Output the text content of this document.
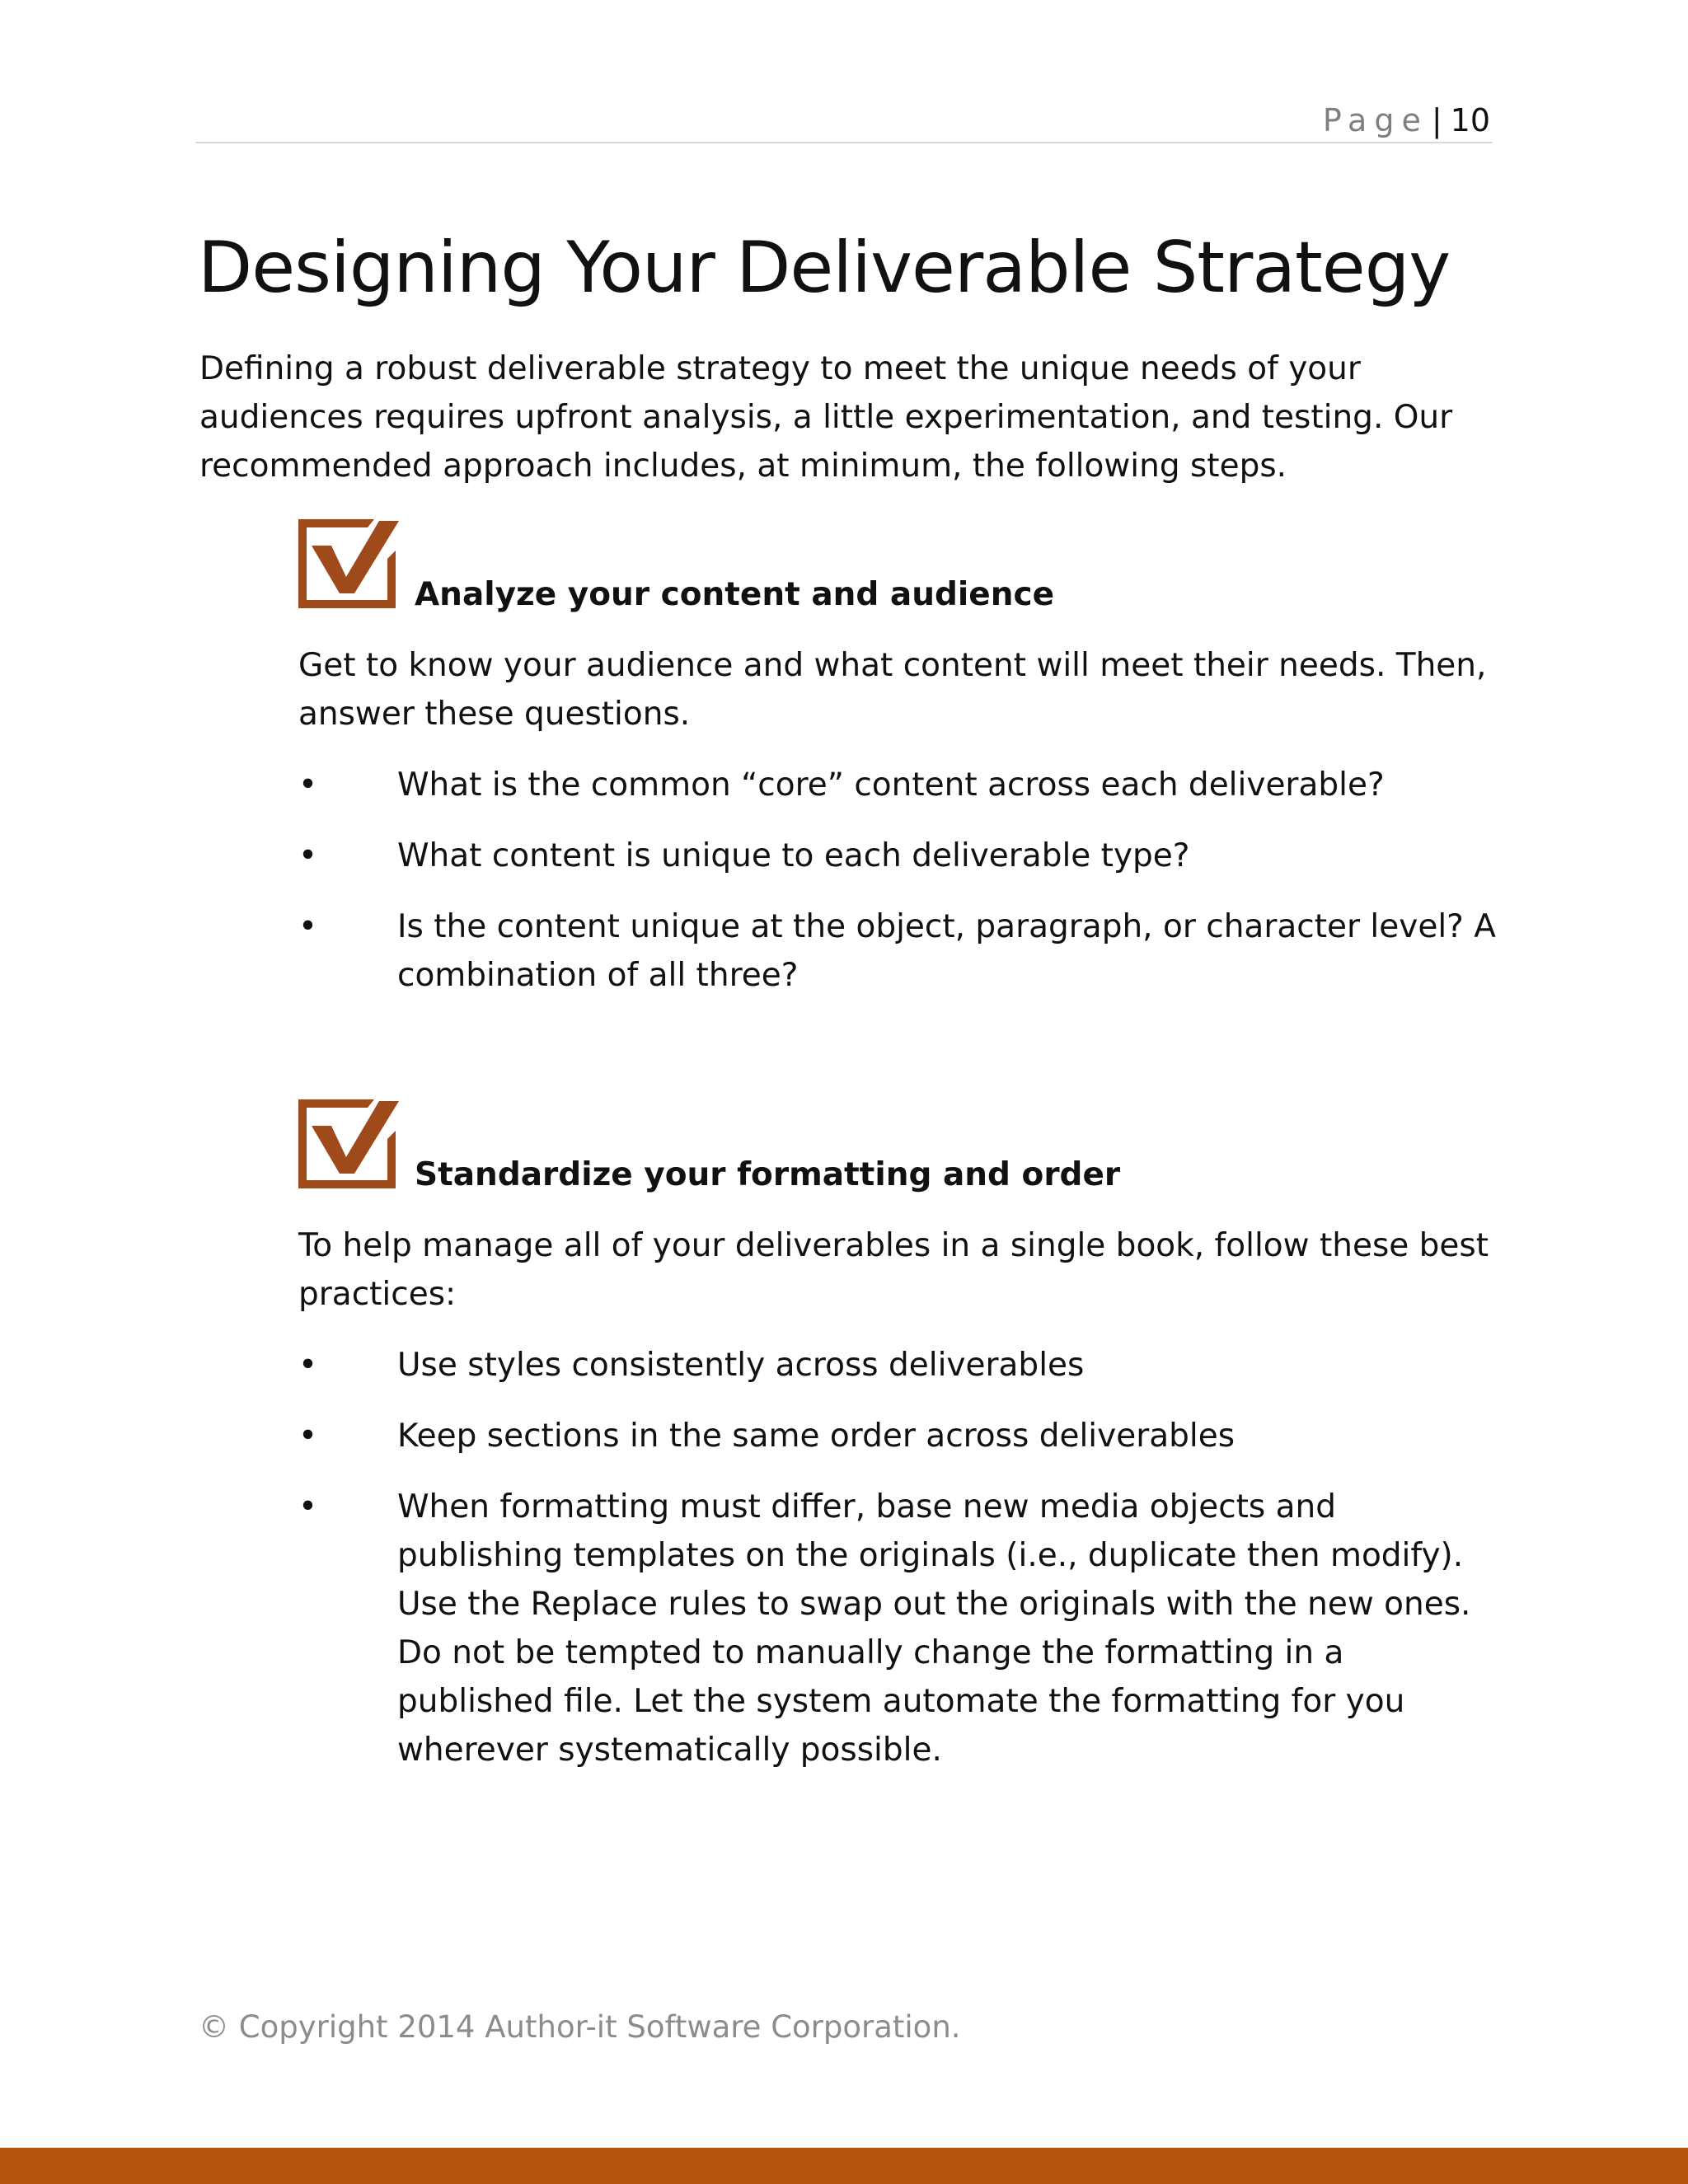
Page | 10
Designing Your Deliverable Strategy

Defining a robust deliverable strategy to meet the unique needs of your audiences requires upfront analysis, a little experimentation, and testing. Our recommended approach includes, at minimum, the following steps.

Analyze your content and audience

Get to know your audience and what content will meet their needs. Then, answer these questions.

• What is the common “core” content across each deliverable?
• What content is unique to each deliverable type?
• Is the content unique at the object, paragraph, or character level? A combination of all three?
Standardize your formatting and order

To help manage all of your deliverables in a single book, follow these best practices:

• Use styles consistently across deliverables
• Keep sections in the same order across deliverables
• When formatting must differ, base new media objects and publishing templates on the originals (i.e., duplicate then modify). Use the Replace rules to swap out the originals with the new ones. Do not be tempted to manually change the formatting in a published file. Let the system automate the formatting for you wherever systematically possible.
© Copyright 2014 Author-it Software Corporation.
